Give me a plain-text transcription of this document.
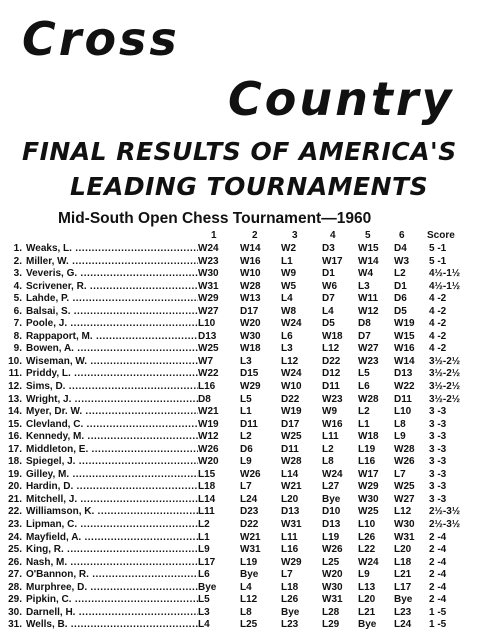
Cross
Country
FINAL RESULTS OF AMERICA'S
LEADING TOURNAMENTS
Mid-South Open Chess Tournament—1960
1	2	3	4	5	6 Score
1. Weaks, L. .....	W24 W14 W2	D3 W15 D4 5 -1
2. Miller, W. .....	W23 W16 L1	W17 W14 W3 5 -1
3. Veveris, G. .....	W30 W10 W9	D1 W4 L2 4½-1½
4. Scrivener, R. .....	W31 W28 W5	W6 L3 D1 4½-1½
5. Lahde, P. .....	W29 W13 L4	D7 W11 D6 4 -2
6. Balsai, S. .....	W27 D17 W8	L4 W12 D5 4 -2
7. Poole, J. .....	L10 W20 W24 D5 D8 W19 4 -2
8. Rappaport, M. .....	D13 W30 L6	W18 D7 W15 4 -2
9. Bowen, A. .....	W25 W18 L3	L12 W27 W16 4 -2
10. Wiseman, W. .....	W7	L3	L12 D22 W23 W14 3½-2½
11. Priddy, L. .....	W22 D15 W24 D12 L5 D13 3½-2½
12. Sims, D. .....	L16 W29 W10 D11 L6 W22 3½-2½
13. Wright, J. .....	D8	L5	D22 W23 W28 D11 3½-2½
14. Myer, Dr. W. .....	W21 L1	W19 W9 L2 L10 3 -3
15. Clevland, C. .....	W19 D11 D17 W16 L1 L8 3 -3
16. Kennedy, M. .....	W12 L2	W25 L11 W18 L9 3 -3
17. Middleton, E. .....	W26 D6	D11 L2 L19 W28 3 -3
18. Spiegel, J. .....	W20 L9	W28 L8 L16 W26 3 -3
19. Gilley, M. .....	L15 W26 L14 W24 W17 L7 3 -3
20. Hardin, D. .....	L18 L7	W21 L27 W29 W25 3 -3
21. Mitchell, J. .....	L14 L24 L20 Bye W30 W27 3 -3
22. Williamson, K. .....	L11	D23 D13 D10 W25 L12 2½-3½
23. Lipman, C. .....	L2	D22 W31 D13 L10 W30 2½-3½
24. Mayfield, A. .....	L1	W21 L11 L19 L26 W31 2 -4
25. King, R. .....	L9	W31 L16 W26 L22 L20 2 -4
26. Nash, M. .....	L17 L19 W29 L25 W24 L18 2 -4
27. O'Bannon, R. .....	L6	Bye L7	W20 L9 L21 2 -4
28. Murphree, D. .....	Bye L4	L18 W30 L13 L17 2 -4
29. Pipkin, C. .....	L5	L12 L26 W31 L20 Bye 2 -4
30. Darnell, H. .....	L3	L8	Bye L28 L21 L23 1 -5
31. Wells, B. .....	L4	L25 L23 L29 Bye L24 1 -5
